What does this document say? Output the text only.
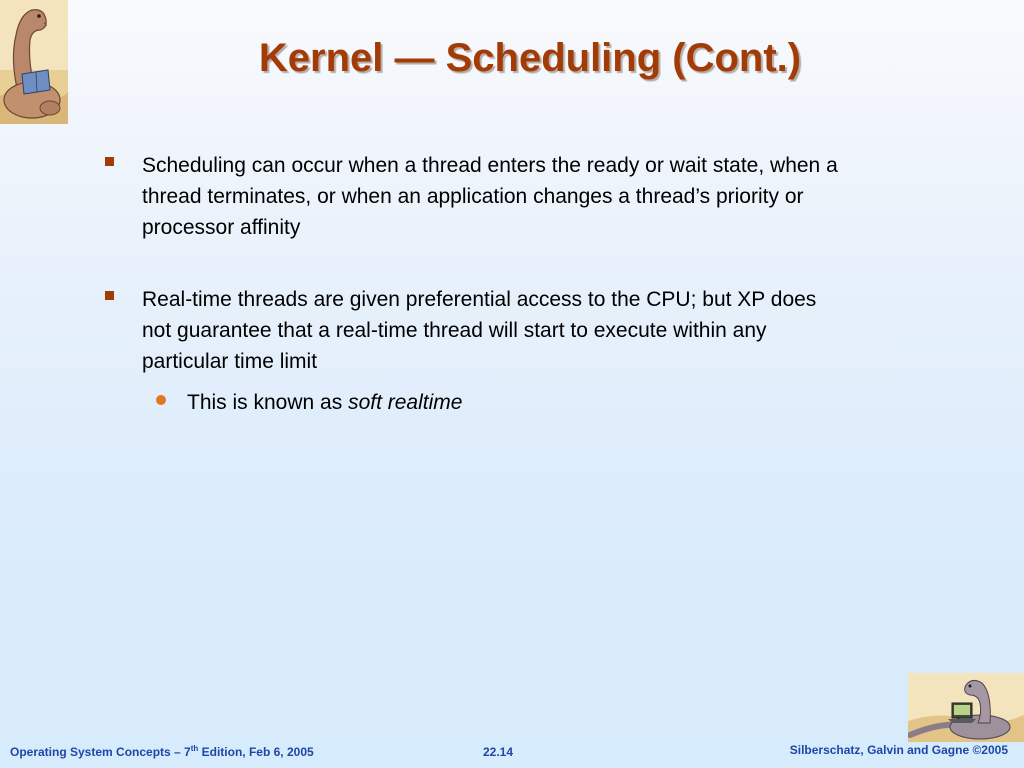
Kernel — Scheduling (Cont.)
Scheduling can occur when a thread enters the ready or wait state, when a thread terminates, or when an application changes a thread’s priority or processor affinity
Real-time threads are given preferential access to the CPU; but XP does not guarantee that a real-time thread will start to execute within any particular time limit
This is known as soft realtime
Operating System Concepts – 7th Edition, Feb 6, 2005	22.14	Silberschatz, Galvin and Gagne ©2005
